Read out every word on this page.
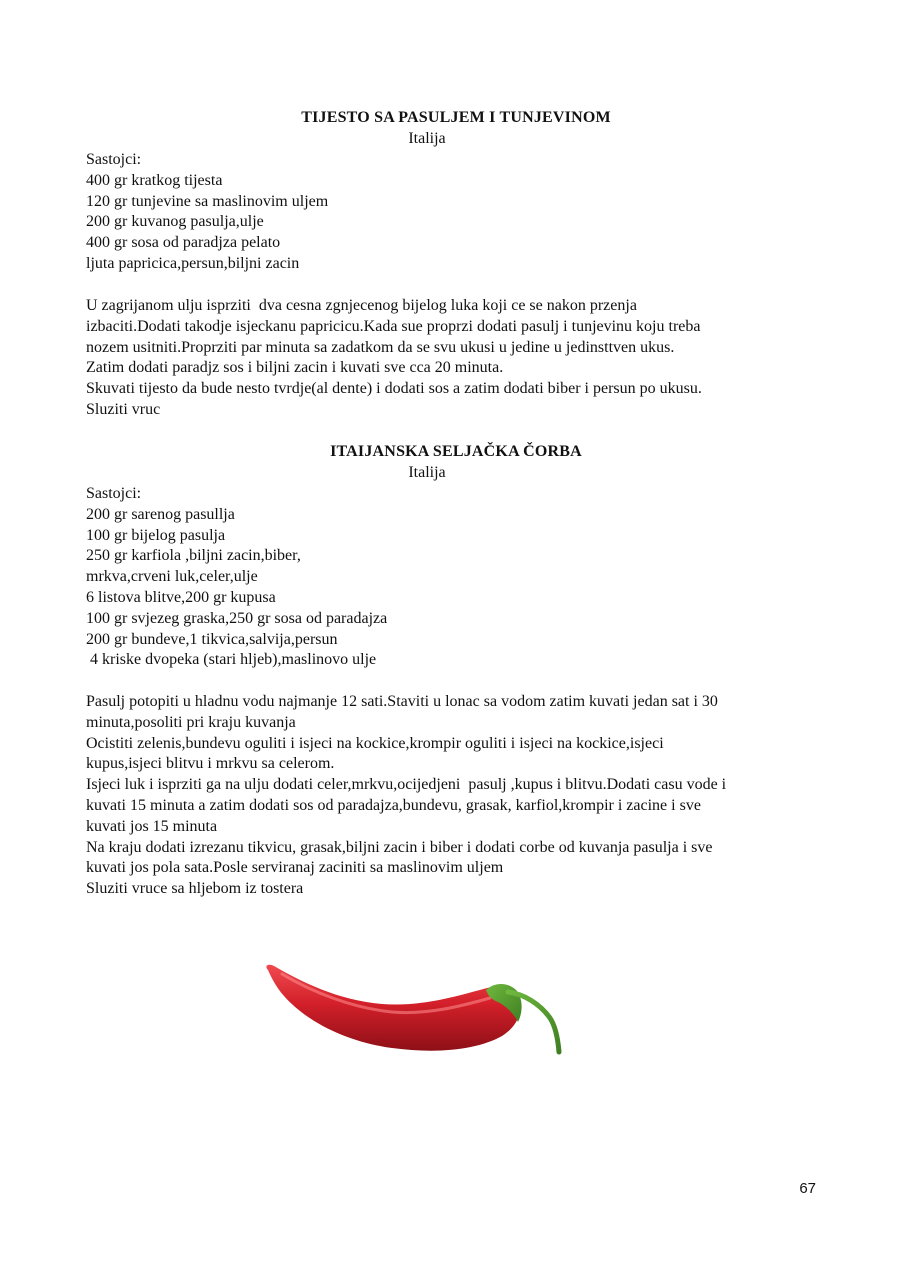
TIJESTO SA PASULJEM I TUNJEVINOM
Italija
Sastojci:
400 gr kratkog tijesta
120 gr tunjevine sa maslinovim uljem
200 gr kuvanog pasulja,ulje
400 gr sosa od paradjza pelato
ljuta papricica,persun,biljni zacin
U zagrijanom ulju isprziti  dva cesna zgnjecenog bijelog luka koji ce se nakon przenja
izbaciti.Dodati takodje isjeckanu papricicu.Kada sue proprzi dodati pasulj i tunjevinu koju treba
nozem usitniti.Proprziti par minuta sa zadatkom da se svu ukusi u jedine u jedinsttven ukus.
Zatim dodati paradjz sos i biljni zacin i kuvati sve cca 20 minuta.
Skuvati tijesto da bude nesto tvrdje(al dente) i dodati sos a zatim dodati biber i persun po ukusu.
Sluziti vruc
ITAIJANSKA SELJAČKA ČORBA
Italija
Sastojci:
200 gr sarenog pasullja
100 gr bijelog pasulja
250 gr karfiola ,biljni zacin,biber,
mrkva,crveni luk,celer,ulje
6 listova blitve,200 gr kupusa
100 gr svjezeg graska,250 gr sosa od paradajza
200 gr bundeve,1 tikvica,salvija,persun
4 kriske dvopeka (stari hljeb),maslinovo ulje
Pasulj potopiti u hladnu vodu najmanje 12 sati.Staviti u lonac sa vodom zatim kuvati jedan sat i 30
minuta,posoliti pri kraju kuvanja
Ocistiti zelenis,bundevu oguliti i isjeci na kockice,krompir oguliti i isjeci na kockice,isjeci
kupus,isjeci blitvu i mrkvu sa celerom.
Isjeci luk i isprziti ga na ulju dodati celer,mrkvu,ocijedjeni  pasulj ,kupus i blitvu.Dodati casu vode i
kuvati 15 minuta a zatim dodati sos od paradajza,bundevu, grasak, karfiol,krompir i zacine i sve
kuvati jos 15 minuta
Na kraju dodati izrezanu tikvicu, grasak,biljni zacin i biber i dodati corbe od kuvanja pasulja i sve
kuvati jos pola sata.Posle serviranaj zaciniti sa maslinovim uljem
Sluziti vruce sa hljebom iz tostera
67
